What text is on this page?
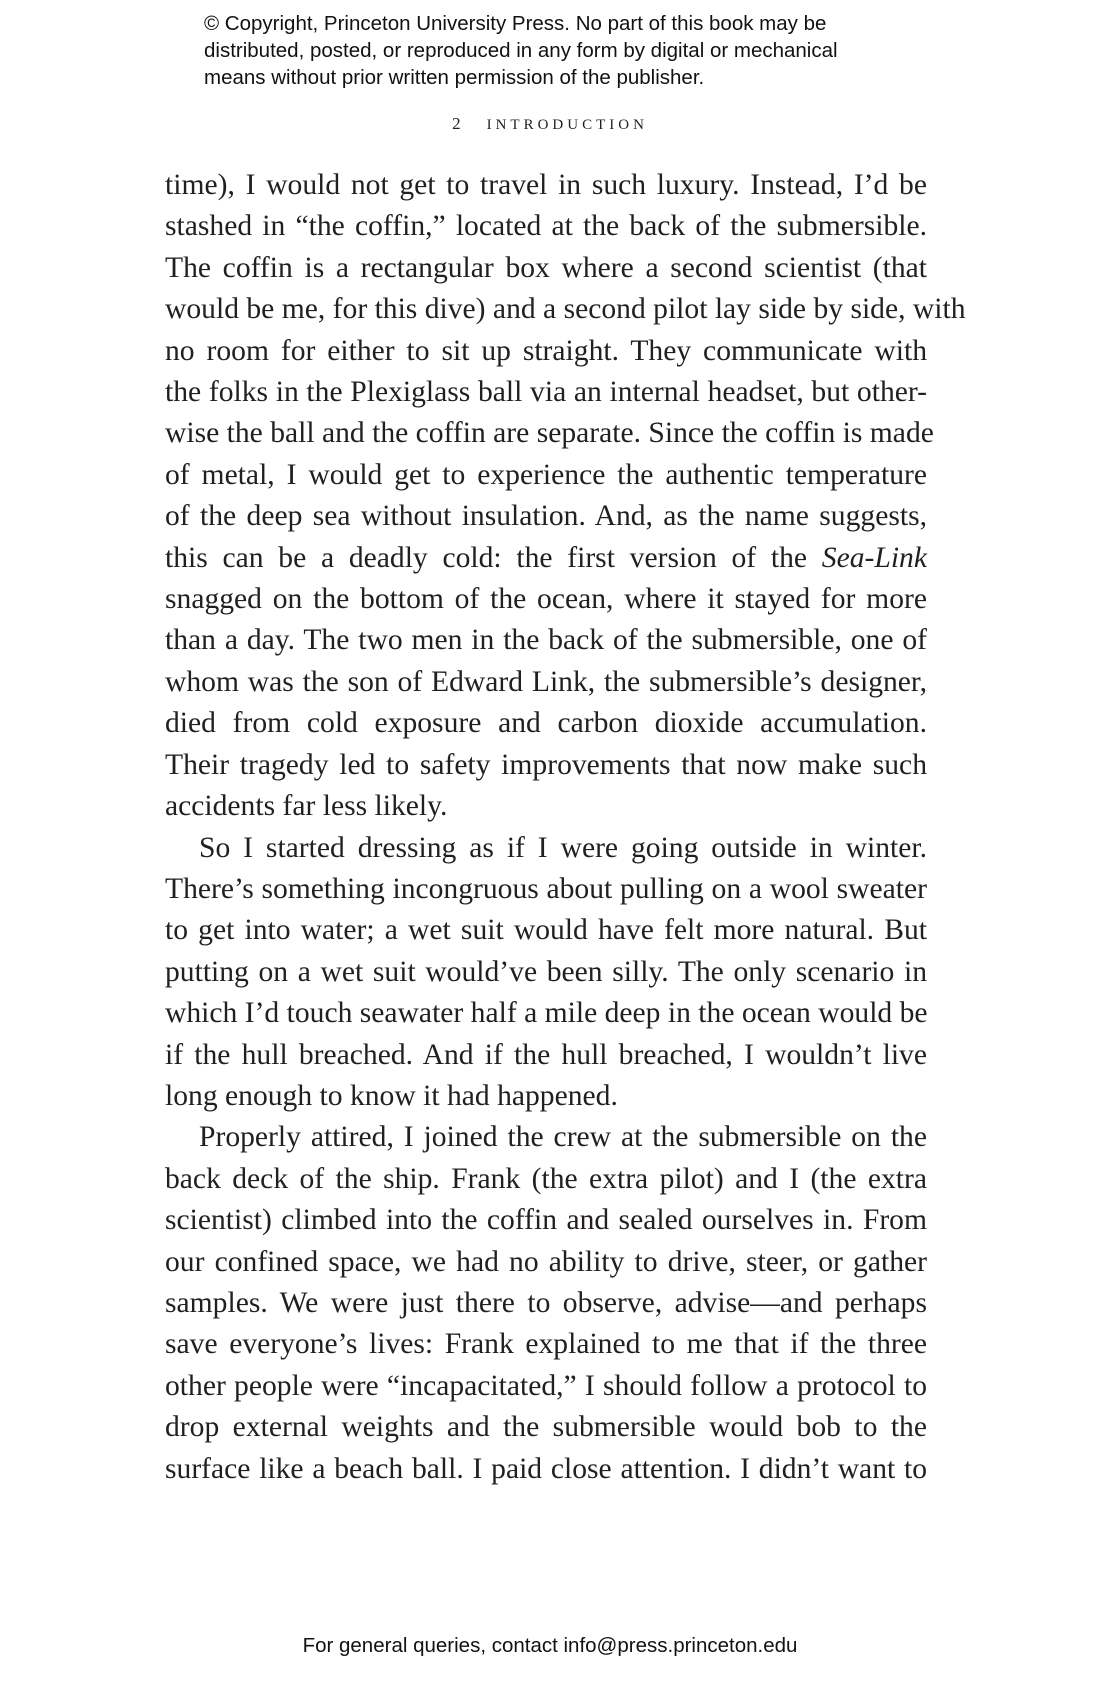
© Copyright, Princeton University Press. No part of this book may be
distributed, posted, or reproduced in any form by digital or mechanical
means without prior written permission of the publisher.
2 INTRODUCTION
time), I would not get to travel in such luxury. Instead, I’d be
stashed in “the coffin,” located at the back of the submersible.
The coffin is a rectangular box where a second scientist (that
would be me, for this dive) and a second pilot lay side by side, with
no room for either to sit up straight. They communicate with
the folks in the Plexiglass ball via an internal headset, but other-
wise the ball and the coffin are separate. Since the coffin is made
of metal, I would get to experience the authentic temperature
of the deep sea without insulation. And, as the name suggests,
this can be a deadly cold: the first version of the Sea-Link
snagged on the bottom of the ocean, where it stayed for more
than a day. The two men in the back of the submersible, one of
whom was the son of Edward Link, the submersible’s designer,
died from cold exposure and carbon dioxide accumulation.
Their tragedy led to safety improvements that now make such
accidents far less likely.
So I started dressing as if I were going outside in winter.
There’s something incongruous about pulling on a wool sweater
to get into water; a wet suit would have felt more natural. But
putting on a wet suit would’ve been silly. The only scenario in
which I’d touch seawater half a mile deep in the ocean would be
if the hull breached. And if the hull breached, I wouldn’t live
long enough to know it had happened.
Properly attired, I joined the crew at the submersible on the
back deck of the ship. Frank (the extra pilot) and I (the extra
scientist) climbed into the coffin and sealed ourselves in. From
our confined space, we had no ability to drive, steer, or gather
samples. We were just there to observe, advise—and perhaps
save everyone’s lives: Frank explained to me that if the three
other people were “incapacitated,” I should follow a protocol to
drop external weights and the submersible would bob to the
surface like a beach ball. I paid close attention. I didn’t want to
For general queries, contact info@press.princeton.edu
